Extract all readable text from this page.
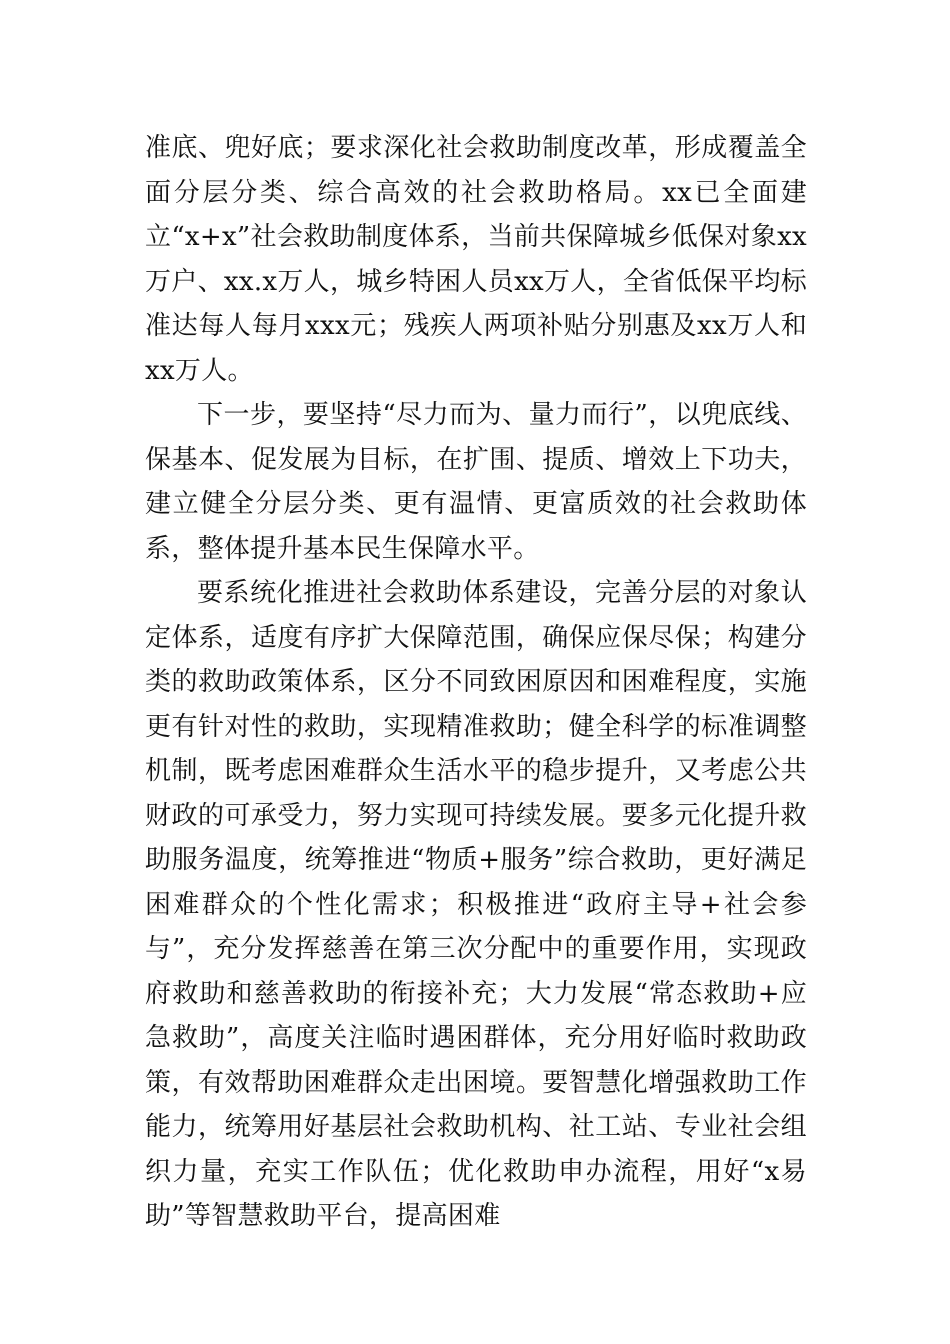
准底、兜好底；要求深化社会救助制度改革，形成覆盖全面分层分类、综合高效的社会救助格局。xx已全面建立“x+x”社会救助制度体系，当前共保障城乡低保对象xx万户、xx.x万人，城乡特困人员xx万人，全省低保平均标准达每人每月xxx元；残疾人两项补贴分别惠及xx万人和xx万人。

下一步，要坚持“尽力而为、量力而行”，以兜底线、保基本、促发展为目标，在扩围、提质、增效上下功夫，建立健全分层分类、更有温情、更富质效的社会救助体系，整体提升基本民生保障水平。

要系统化推进社会救助体系建设，完善分层的对象认定体系，适度有序扩大保障范围，确保应保尽保；构建分类的救助政策体系，区分不同致困原因和困难程度，实施更有针对性的救助，实现精准救助；健全科学的标准调整机制，既考虑困难群众生活水平的稳步提升，又考虑公共财政的可承受力，努力实现可持续发展。要多元化提升救助服务温度，统筹推进“物质+服务”综合救助，更好满足困难群众的个性化需求；积极推进“政府主导+社会参与”，充分发挥慈善在第三次分配中的重要作用，实现政府救助和慈善救助的衔接补充；大力发展“常态救助+应急救助”，高度关注临时遇困群体，充分用好临时救助政策，有效帮助困难群众走出困境。要智慧化增强救助工作能力，统筹用好基层社会救助机构、社工站、专业社会组织力量，充实工作队伍；优化救助申办流程，用好“x易助”等智慧救助平台，提高困难
